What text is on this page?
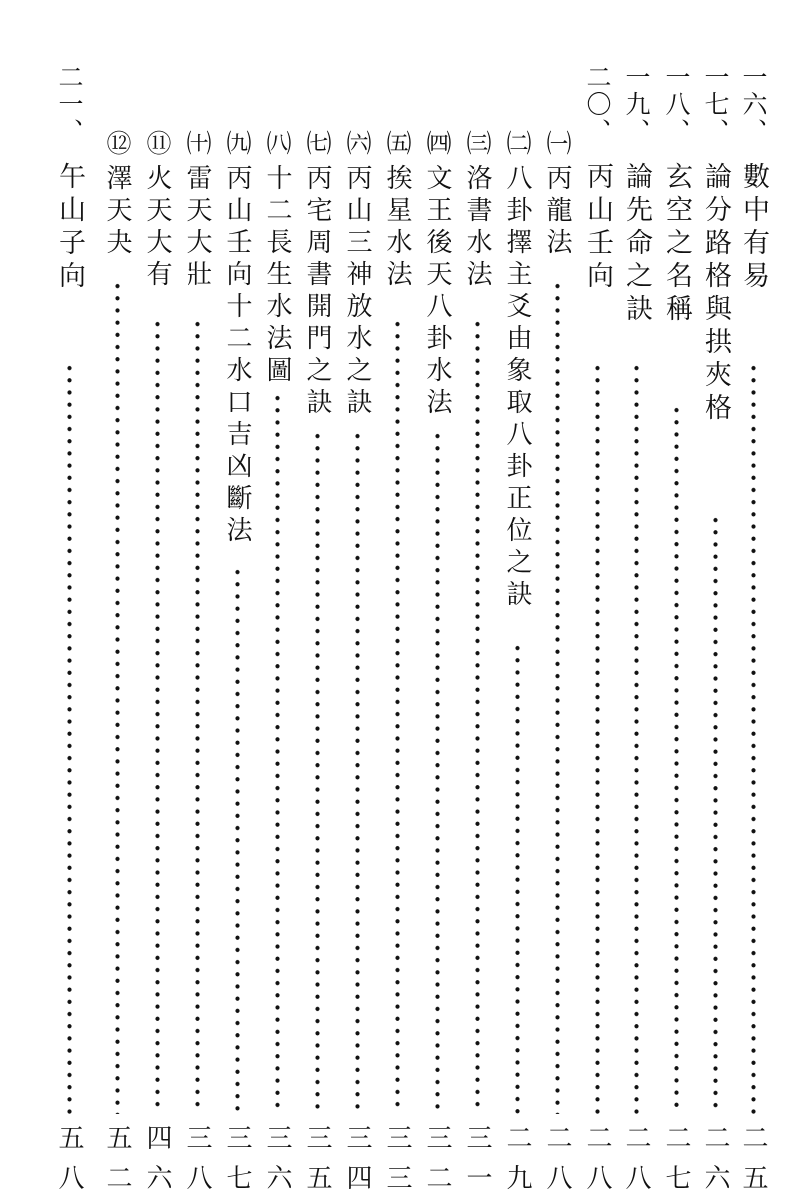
一六、
數中有易
二五
一七、
論分路格與拱夾格
二六
一八、
玄空之名稱
二七
一九、
論先命之訣
二八
二〇、
丙山壬向
二八
㈠
丙龍法
二八
㈡
八卦擇主爻由象取八卦正位之訣
二九
㈢
洛書水法
三一
㈣
文王後天八卦水法
三二
㈤
挨星水法
三三
㈥
丙山三神放水之訣
三四
㈦
丙宅周書開門之訣
三五
㈧
十二長生水法圖
三六
㈨
丙山壬向十二水口吉凶斷法
三七
㈩
雷天大壯
三八
⑪
火天大有
四六
⑫
澤天夬
五二
二一、
午山子向
五八
